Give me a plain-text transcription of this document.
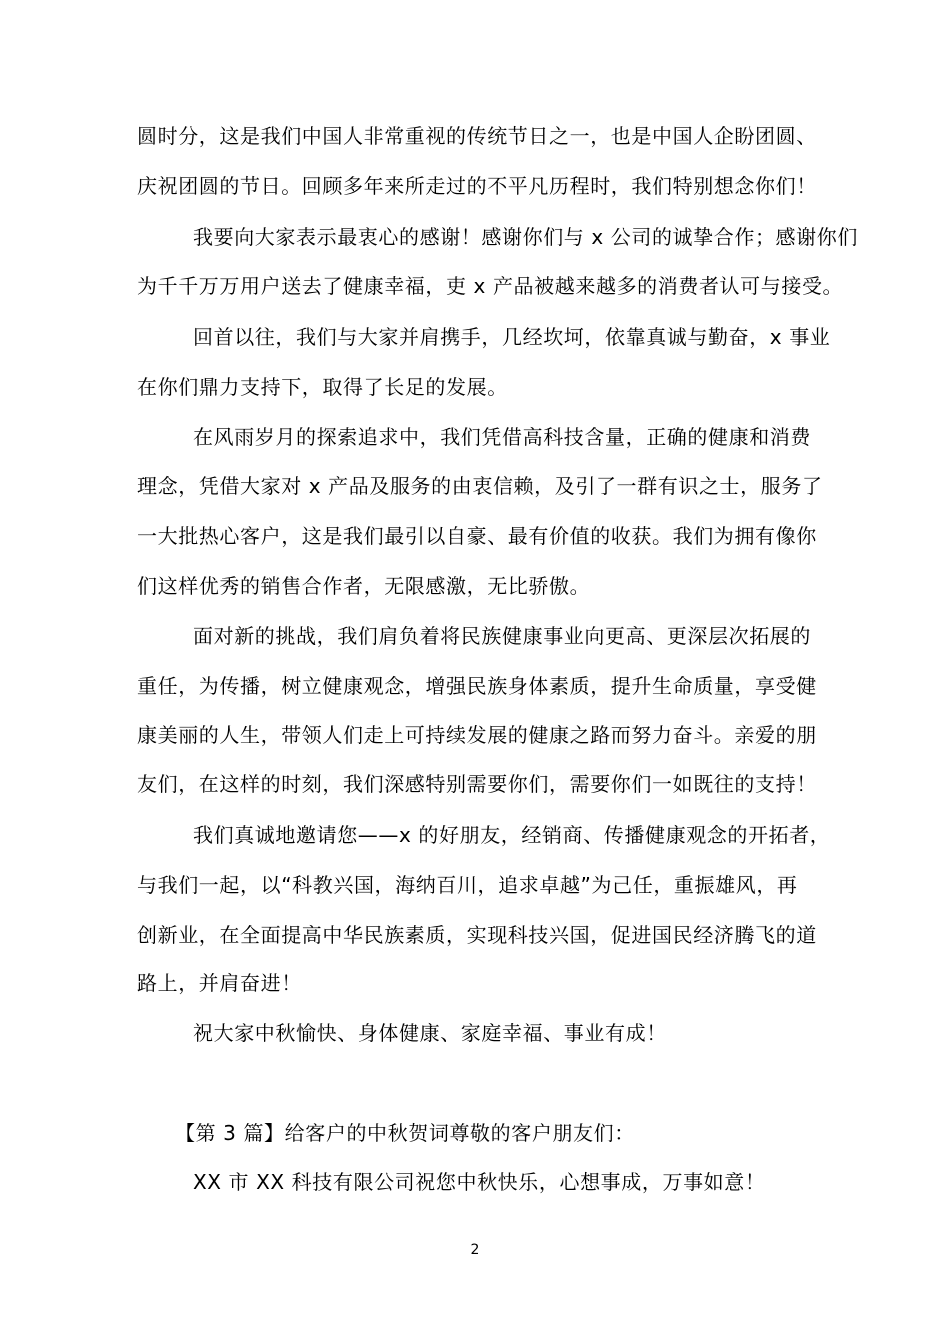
圆时分，这是我们中国人非常重视的传统节日之一，也是中国人企盼团圆、
庆祝团圆的节日。回顾多年来所走过的不平凡历程时，我们特别想念你们！
我要向大家表示最衷心的感谢！感谢你们与 x 公司的诚挚合作；感谢你们
为千千万万用户送去了健康幸福，吏 x 产品被越来越多的消费者认可与接受。
回首以往，我们与大家并肩携手，几经坎坷，依靠真诚与勤奋，x 事业
在你们鼎力支持下，取得了长足的发展。
在风雨岁月的探索追求中，我们凭借高科技含量，正确的健康和消费
理念，凭借大家对 x 产品及服务的由衷信赖，及引了一群有识之士，服务了
一大批热心客户，这是我们最引以自豪、最有价值的收获。我们为拥有像你
们这样优秀的销售合作者，无限感激，无比骄傲。
面对新的挑战，我们肩负着将民族健康事业向更高、更深层次拓展的
重任，为传播，树立健康观念，增强民族身体素质，提升生命质量，享受健
康美丽的人生，带领人们走上可持续发展的健康之路而努力奋斗。亲爱的朋
友们，在这样的时刻，我们深感特别需要你们，需要你们一如既往的支持！
我们真诚地邀请您——x 的好朋友，经销商、传播健康观念的开拓者，
与我们一起，以“科教兴国，海纳百川，追求卓越”为己任，重振雄风，再
创新业，在全面提高中华民族素质，实现科技兴国，促进国民经济腾飞的道
路上，并肩奋进！
祝大家中秋愉快、身体健康、家庭幸福、事业有成！
【第 3 篇】给客户的中秋贺词尊敬的客户朋友们：
XX 市 XX 科技有限公司祝您中秋快乐，心想事成，万事如意！
2
